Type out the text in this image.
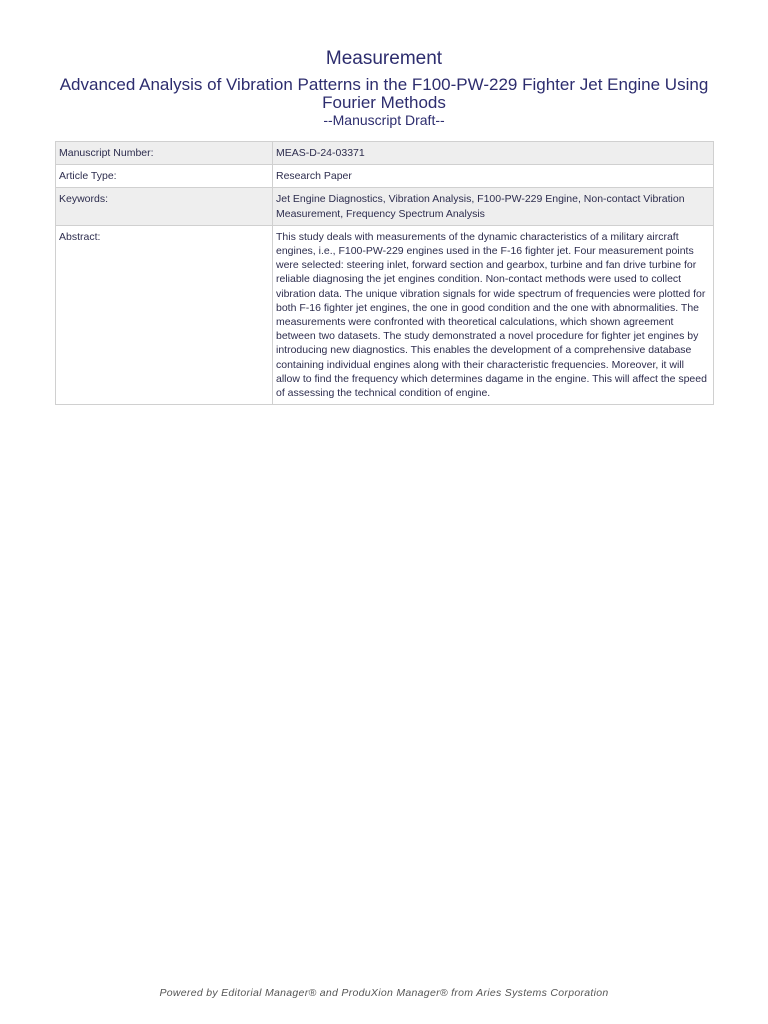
Measurement

Advanced Analysis of Vibration Patterns in the F100-PW-229 Fighter Jet Engine Using Fourier Methods

--Manuscript Draft--

Manuscript Number:	MEAS-D-24-03371
Article Type:	Research Paper
Keywords:	Jet Engine Diagnostics, Vibration Analysis, F100-PW-229 Engine, Non-contact Vibration Measurement, Frequency Spectrum Analysis
Abstract:	This study deals with measurements of the dynamic characteristics of a military aircraft engines, i.e., F100-PW-229 engines used in the F-16 fighter jet. Four measurement points were selected: steering inlet, forward section and gearbox, turbine and fan drive turbine for reliable diagnosing the jet engines condition. Non-contact methods were used to collect vibration data. The unique vibration signals for wide spectrum of frequencies were plotted for both F-16 fighter jet engines, the one in good condition and the one with abnormalities. The measurements were confronted with theoretical calculations, which shown agreement between two datasets. The study demonstrated a novel procedure for fighter jet engines by introducing new diagnostics. This enables the development of a comprehensive database containing individual engines along with their characteristic frequencies. Moreover, it will allow to find the frequency which determines dagame in the engine. This will affect the speed of assessing the technical condition of engine.
Powered by Editorial Manager® and ProduXion Manager® from Aries Systems Corporation
